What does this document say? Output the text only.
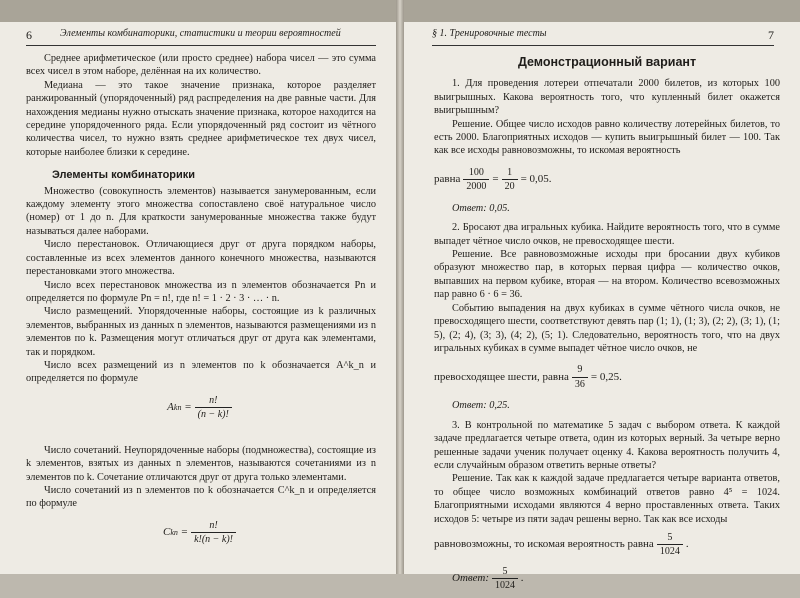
6	Элементы комбинаторики, статистики и теории вероятностей

Среднее арифметическое (или просто среднее) набора чисел — это сумма всех чисел в этом наборе, делённая на их количество.

Медиана — это такое значение признака, которое разделяет ранжированный (упорядоченный) ряд распределения на две равные части. Для нахождения медианы нужно отыскать значение признака, которое находится на середине упорядоченного ряда. Если упорядоченный ряд состоит из чётного количества чисел, то нужно взять среднее арифметическое тех двух чисел, которые наиболее близки к середине.

Элементы комбинаторики

Множество (совокупность элементов) называется занумерованным, если каждому элементу этого множества сопоставлено своё натуральное число (номер) от 1 до n. Для краткости занумерованные множества также будут называться далее наборами.

Число перестановок. Отличающиеся друг от друга порядком наборы, составленные из всех элементов данного конечного множества, называются перестановками этого множества.

Число всех перестановок множества из n элементов обозначается Pn и определяется по формуле Pn = n!, где n! = 1 · 2 · 3 · … · n.

Число размещений. Упорядоченные наборы, состоящие из k различных элементов, выбранных из данных n элементов, называются размещениями из n элементов по k. Размещения могут отличаться друг от друга как элементами, так и порядком.

Число всех размещений из n элементов по k обозначается A^k_n и определяется по формуле

A k $n = \frac{n!}{(n - k)!}$

Число сочетаний. Неупорядоченные наборы (подмножества), состоящие из k элементов, взятых из данных n элементов, называются сочетаниями из n элементов по k. Сочетание отличаются друг от друга только элементами.

Число сочетаний из n элементов по k обозначается C^k_n и определяется по формуле

C k $n = \frac{n!}{k!(n - k)!}$
7
§ 1. Тренировочные тесты
Демонстрационный вариант

1. Для проведения лотереи отпечатали 2000 билетов, из которых 100 выигрышных. Какова вероятность того, что купленный билет окажется выигрышным?

Решение. Общее число исходов равно количеству лотерейных билетов, то есть 2000. Благоприятных исходов — купить выигрышный билет — 100. Так как все исходы равновозможны, то искомая вероятность

равна $\frac{100}{2000} = \frac{1}{20} = 0,05$.
Ответ: 0,05.

2. Бросают два игральных кубика. Найдите вероятность того, что в сумме выпадет чётное число очков, не превосходящее шести.

Решение. Все равновозможные исходы при бросании двух кубиков образуют множество пар, в которых первая цифра — количество очков, выпавших на первом кубике, вторая — на втором. Количество всевозможных пар равно 6 · 6 = 36.

Событию выпадения на двух кубиках в сумме чётного числа очков, не превосходящего шести, соответствуют девять пар (1; 1), (1; 3), (2; 2), (3; 1), (1; 5), (2; 4), (3; 3), (4; 2), (5; 1). Следовательно, вероятность того, что на двух игральных кубиках в сумме выпадет чётное число очков, не

превосходящее шести, равна $\frac{9}{36} = 0,25$.
Ответ: 0,25.

3. В контрольной по математике 5 задач с выбором ответа. К каждой задаче предлагается четыре ответа, один из которых верный. За четыре верно решенные задачи ученик получает оценку 4. Какова вероятность получить 4, если случайным образом ответить верные ответы?

Решение. Так как к каждой задаче предлагается четыре варианта ответов, то общее число возможных комбинаций ответов равно 4⁵ = 1024. Благоприятными исходами являются 4 верно проставленных ответа. Таких исходов 5: четыре из пяти задач решены верно. Так как все исходы

равновозможны, то искомая вероятность равна $\frac{5}{1024}$ .
Ответ: $\frac{5}{1024}$ .
